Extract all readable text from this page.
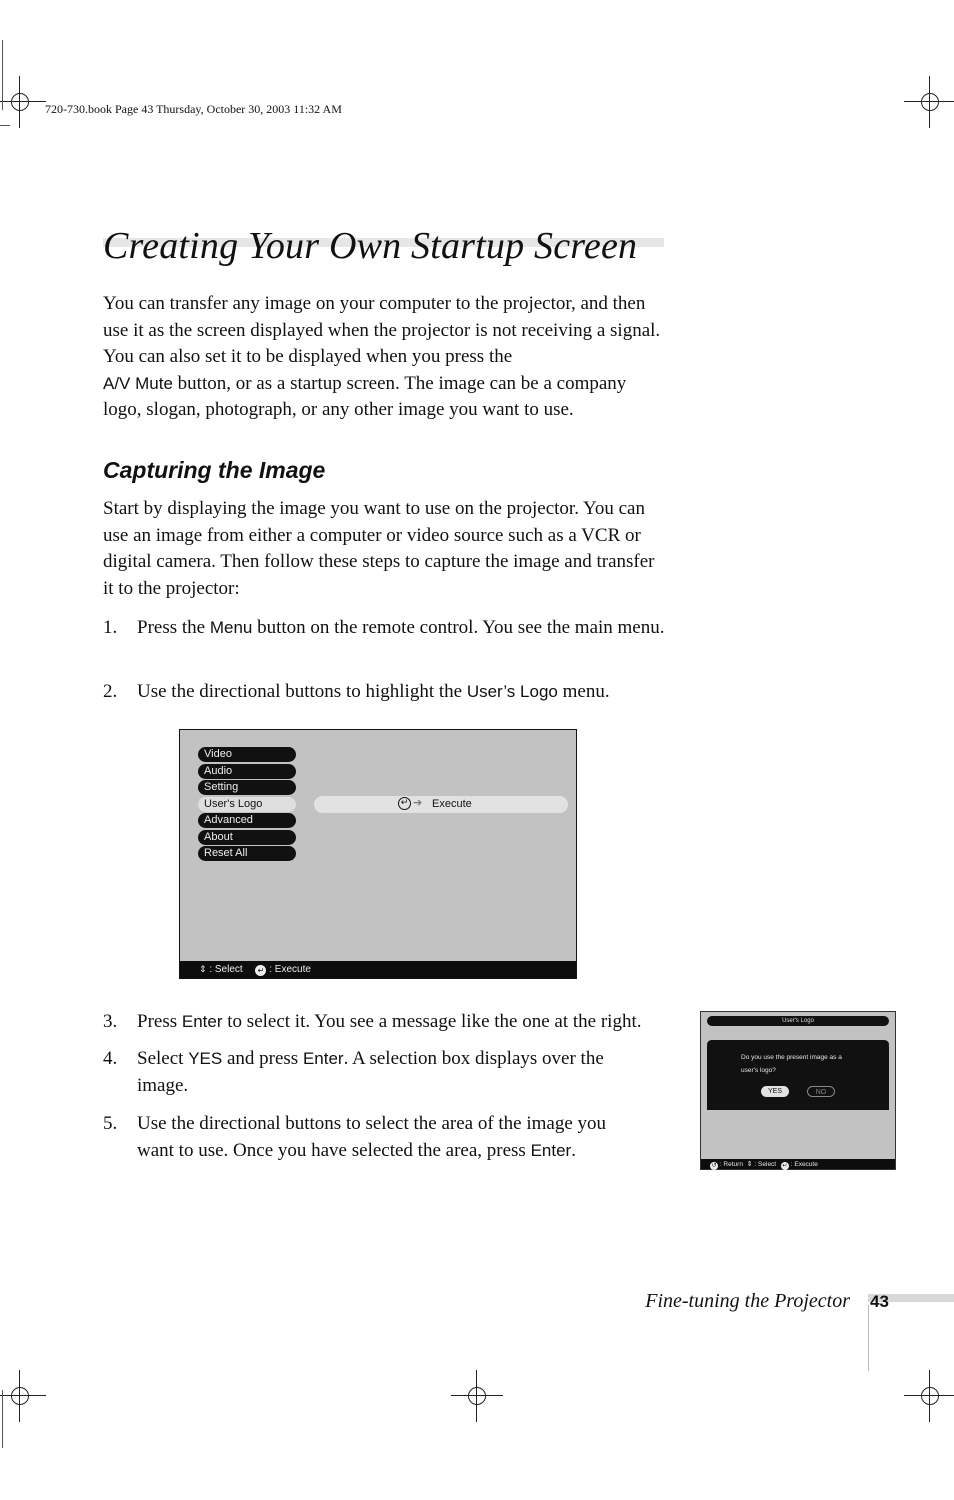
720-730.book Page 43 Thursday, October 30, 2003 11:32 AM
Creating Your Own Startup Screen

You can transfer any image on your computer to the projector, and then use it as the screen displayed when the projector is not receiving a signal. You can also set it to be displayed when you press the
A/V Mute button, or as a startup screen. The image can be a company logo, slogan, photograph, or any other image you want to use.

Capturing the Image

Start by displaying the image you want to use on the projector. You can use an image from either a computer or video source such as a VCR or digital camera. Then follow these steps to capture the image and transfer it to the projector:

1. Press the Menu button on the remote control. You see the main menu.
2. Use the directional buttons to highlight the User’s Logo menu.
Video
Audio
Setting
User's Logo
Advanced
About
Reset All
↵ ➔ Execute
⇕ : Select ↵ : Execute
3. Press Enter to select it. You see a message like the one at the right.
4. Select YES and press Enter. A selection box displays over the image.
5. Use the directional buttons to select the area of the image you want to use. Once you have selected the area, press Enter.
User's Logo
Do you use the present image as a
user's logo?
YES	NO
↺ : Return ⇕ : Select ↵ : Execute
Fine-tuning the Projector 43
